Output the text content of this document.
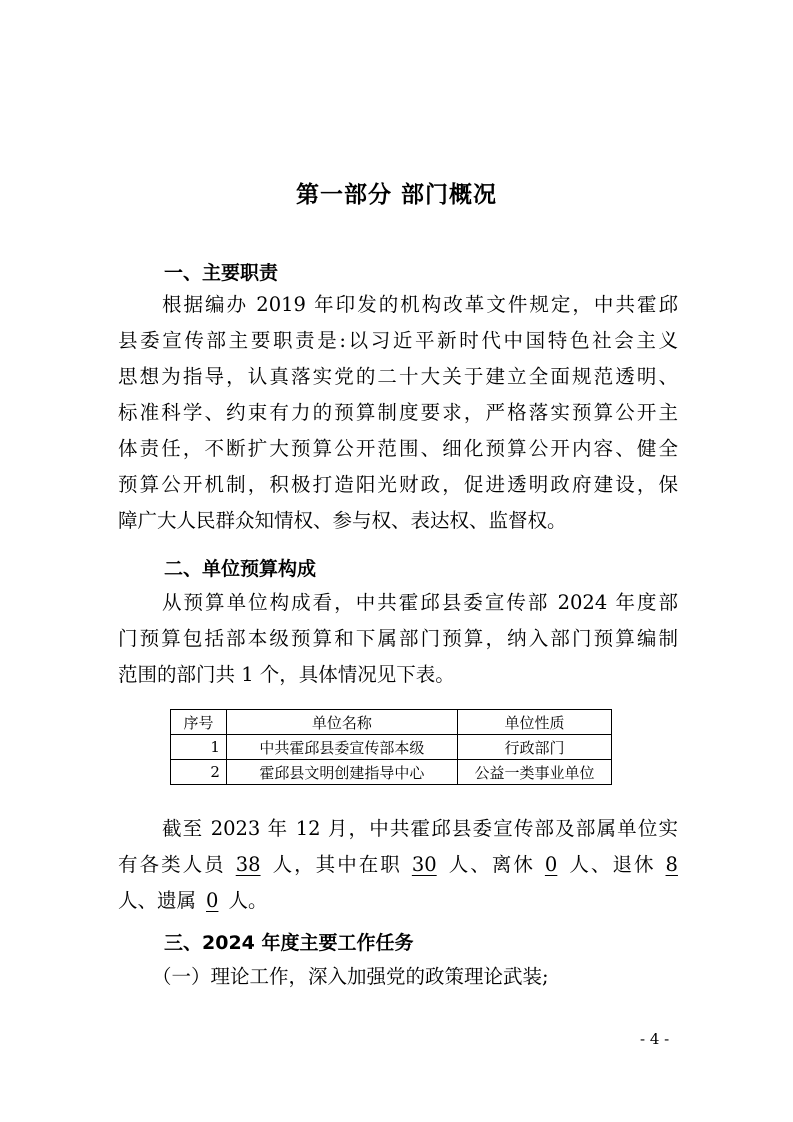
第一部分 部门概况
一、主要职责
根据编办 2019 年印发的机构改革文件规定，中共霍邱
县委宣传部主要职责是:以习近平新时代中国特色社会主义
思想为指导，认真落实党的二十大关于建立全面规范透明、
标准科学、约束有力的预算制度要求，严格落实预算公开主
体责任，不断扩大预算公开范围、细化预算公开内容、健全
预算公开机制，积极打造阳光财政，促进透明政府建设，保
障广大人民群众知情权、参与权、表达权、监督权。
二、单位预算构成
从预算单位构成看，中共霍邱县委宣传部 2024 年度部
门预算包括部本级预算和下属部门预算，纳入部门预算编制
范围的部门共 1 个，具体情况见下表。
序号	单位名称	单位性质
1	中共霍邱县委宣传部本级	行政部门
2	霍邱县文明创建指导中心	公益一类事业单位
截至 2023 年 12 月，中共霍邱县委宣传部及部属单位实
有各类人员 38 人，其中在职 30 人、离休 0 人、退休 8
人、遗属 0 人。
三、2024 年度主要工作任务
（一）理论工作，深入加强党的政策理论武装;
- 4 -
